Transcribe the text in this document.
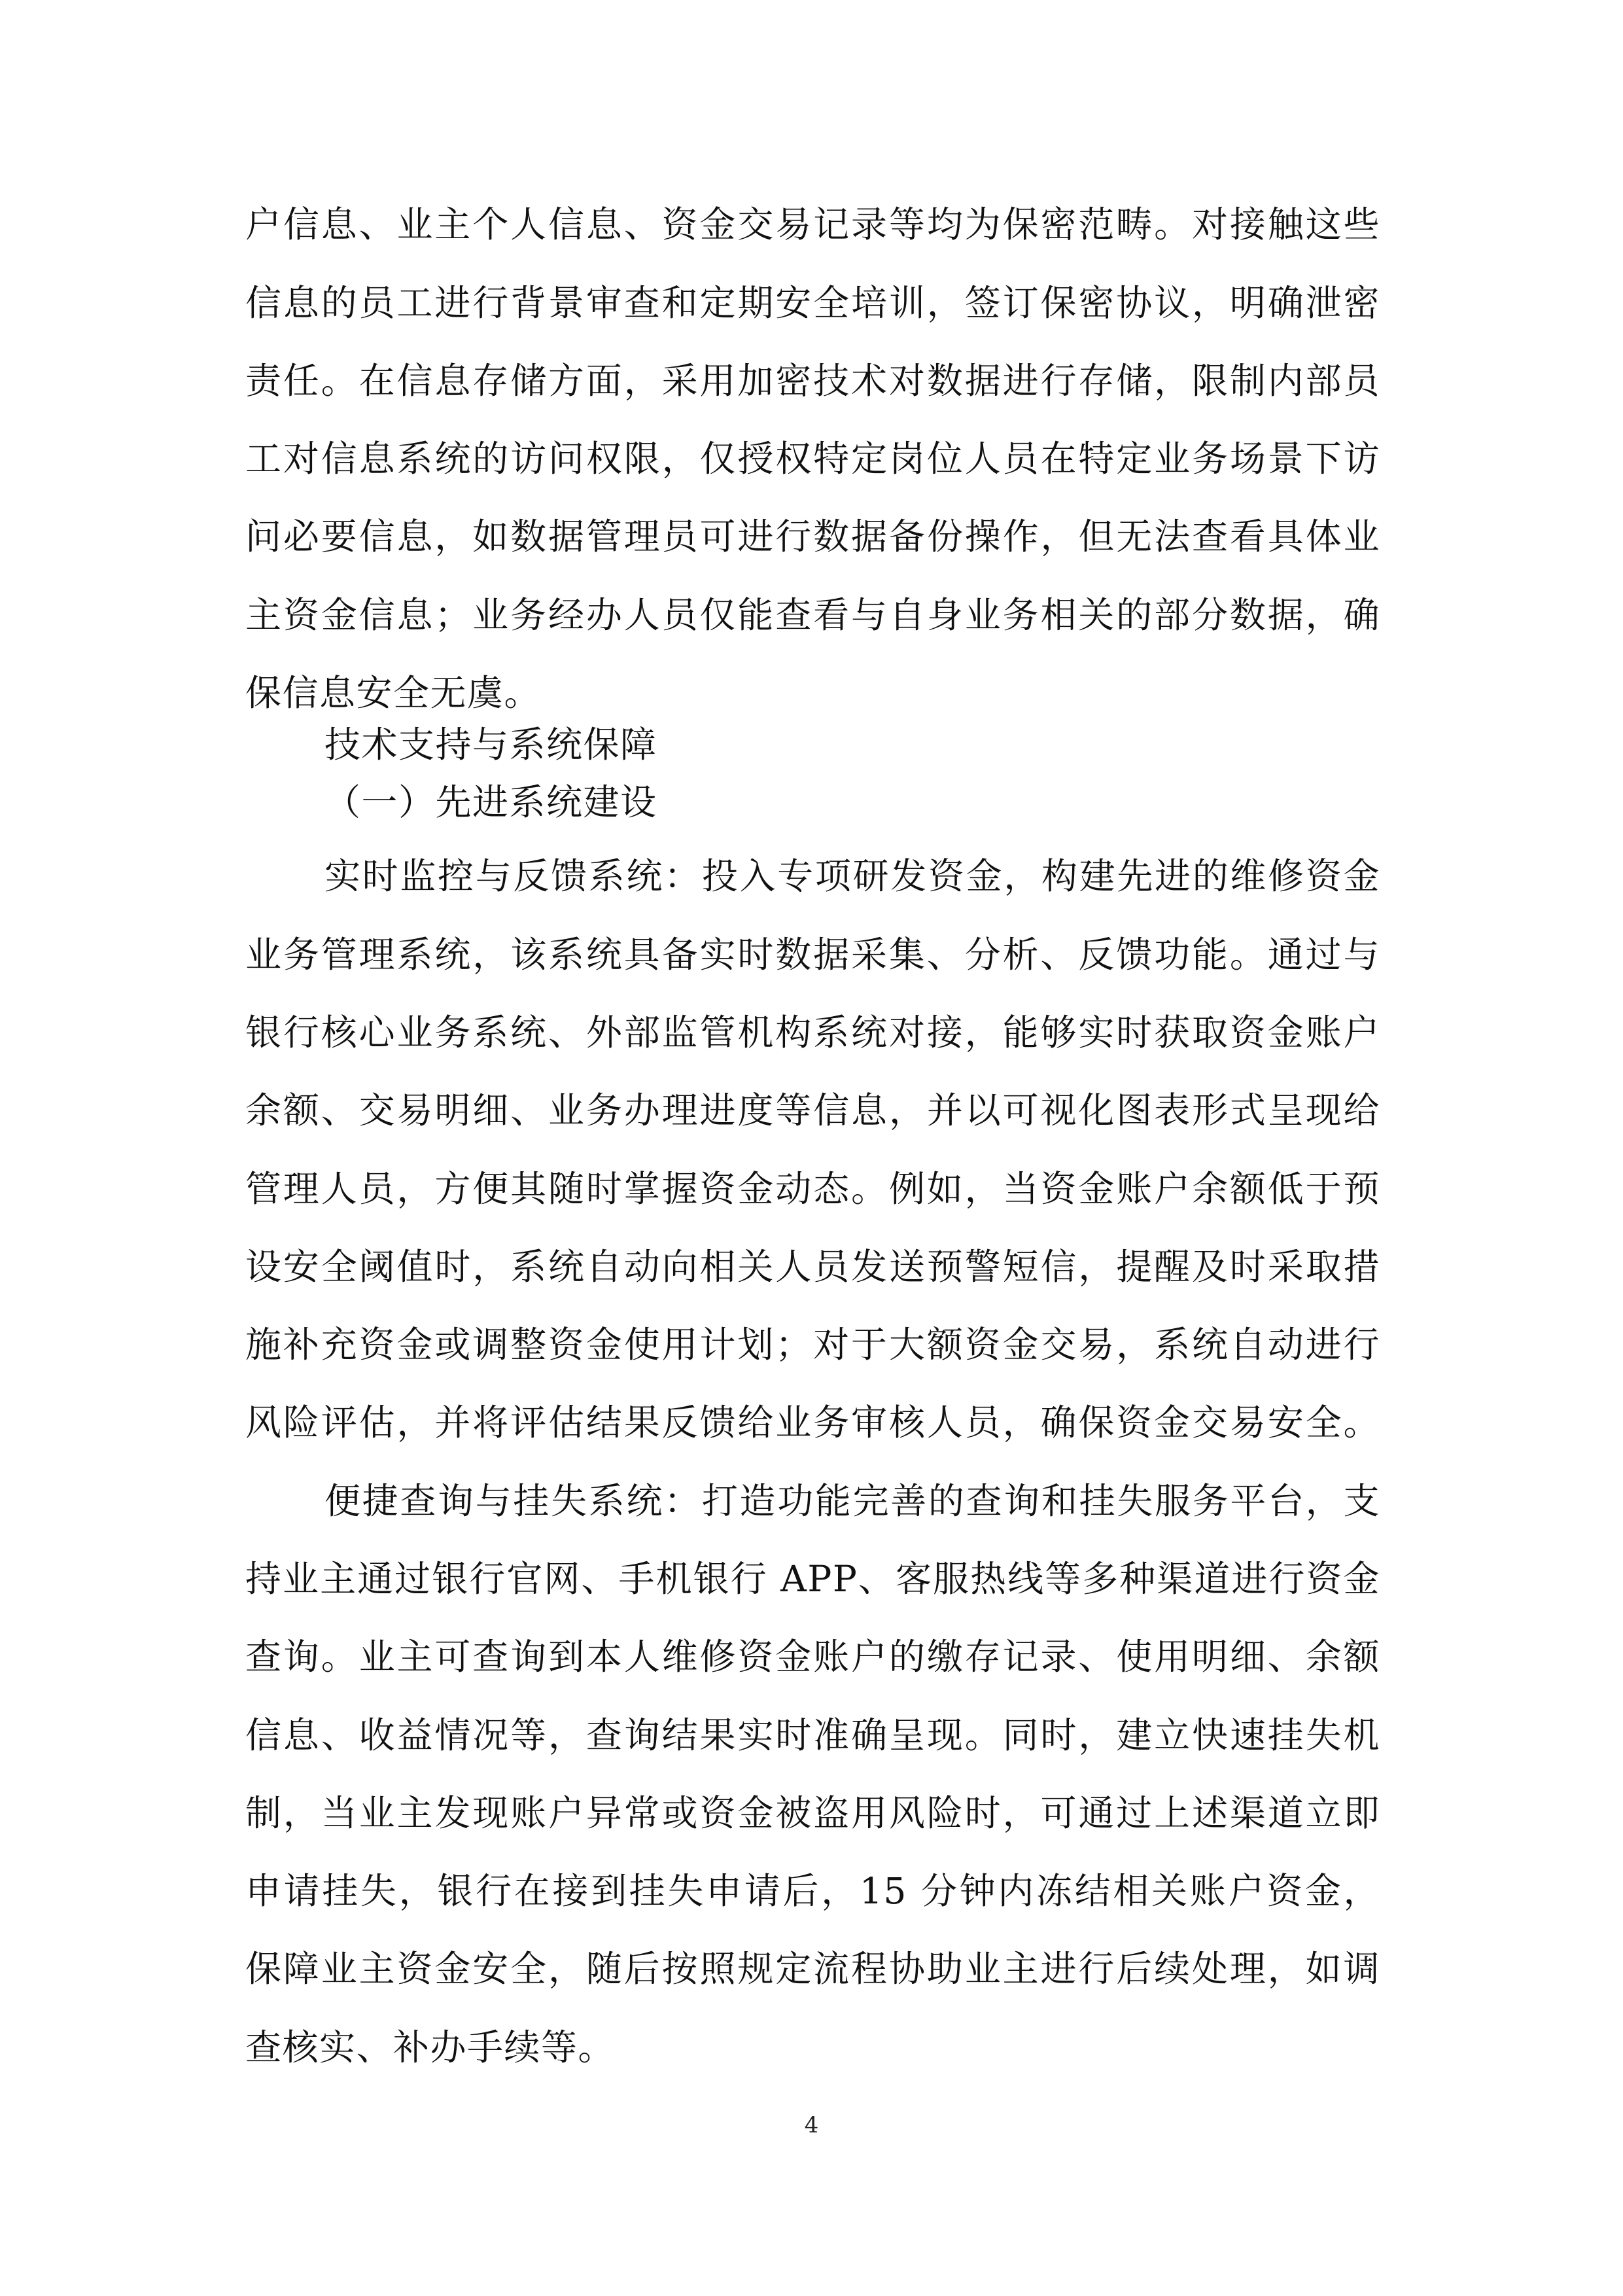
户信息、业主个人信息、资金交易记录等均为保密范畴。对接触这些
信息的员工进行背景审查和定期安全培训，签订保密协议，明确泄密
责任。在信息存储方面，采用加密技术对数据进行存储，限制内部员
工对信息系统的访问权限，仅授权特定岗位人员在特定业务场景下访
问必要信息，如数据管理员可进行数据备份操作，但无法查看具体业
主资金信息；业务经办人员仅能查看与自身业务相关的部分数据，确
保信息安全无虞。
技术支持与系统保障
（一）先进系统建设
实时监控与反馈系统：投入专项研发资金，构建先进的维修资金
业务管理系统，该系统具备实时数据采集、分析、反馈功能。通过与
银行核心业务系统、外部监管机构系统对接，能够实时获取资金账户
余额、交易明细、业务办理进度等信息，并以可视化图表形式呈现给
管理人员，方便其随时掌握资金动态。例如，当资金账户余额低于预
设安全阈值时，系统自动向相关人员发送预警短信，提醒及时采取措
施补充资金或调整资金使用计划；对于大额资金交易，系统自动进行
风险评估，并将评估结果反馈给业务审核人员，确保资金交易安全。
便捷查询与挂失系统：打造功能完善的查询和挂失服务平台，支
持业主通过银行官网、手机银行 APP、客服热线等多种渠道进行资金
查询。业主可查询到本人维修资金账户的缴存记录、使用明细、余额
信息、收益情况等，查询结果实时准确呈现。同时，建立快速挂失机
制，当业主发现账户异常或资金被盗用风险时，可通过上述渠道立即
申请挂失，银行在接到挂失申请后，15 分钟内冻结相关账户资金，
保障业主资金安全，随后按照规定流程协助业主进行后续处理，如调
查核实、补办手续等。
4
